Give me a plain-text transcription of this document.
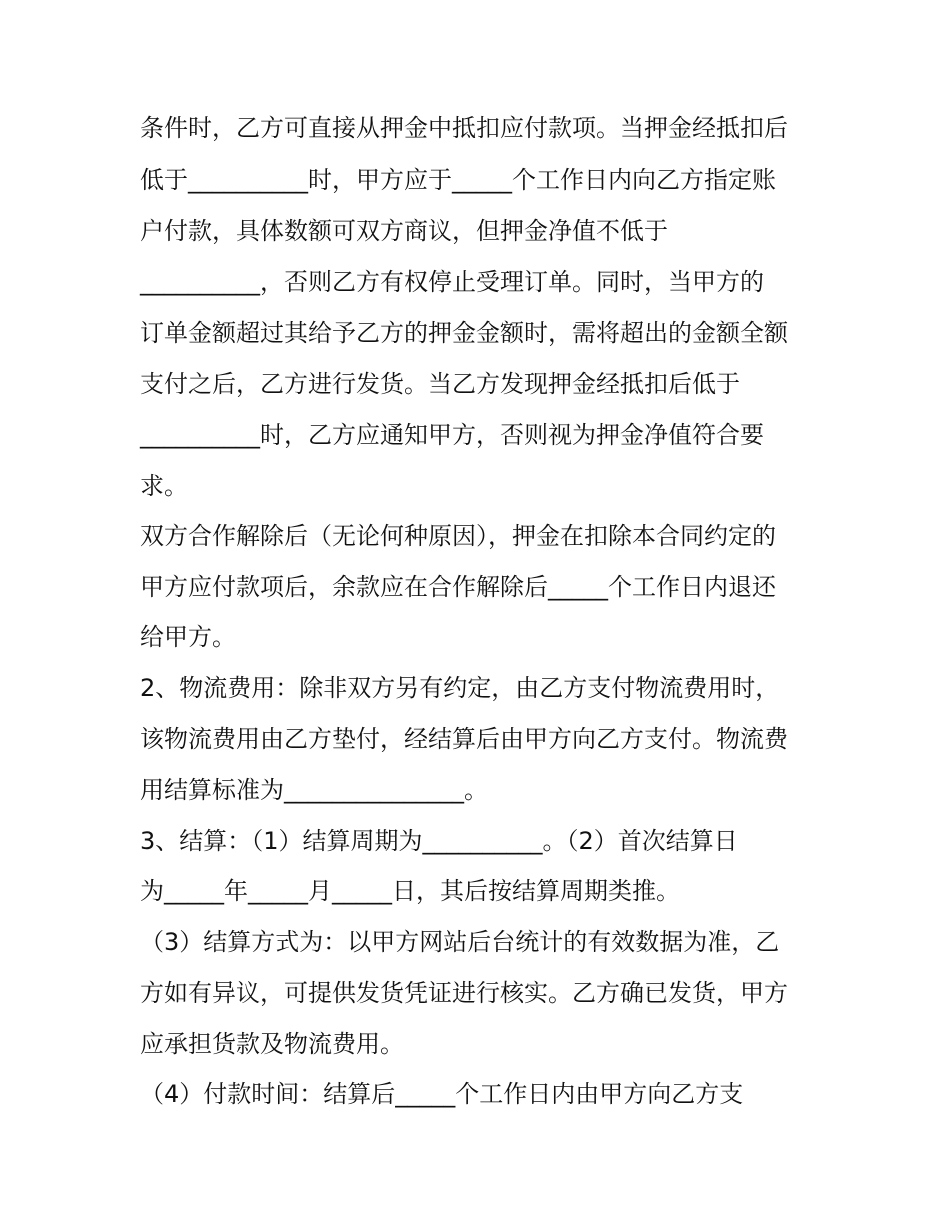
条件时，乙方可直接从押金中抵扣应付款项。当押金经抵扣后
低于__________时，甲方应于_____个工作日内向乙方指定账
户付款，具体数额可双方商议，但押金净值不低于
__________，否则乙方有权停止受理订单。同时，当甲方的
订单金额超过其给予乙方的押金金额时，需将超出的金额全额
支付之后，乙方进行发货。当乙方发现押金经抵扣后低于
__________时，乙方应通知甲方，否则视为押金净值符合要
求。
双方合作解除后（无论何种原因），押金在扣除本合同约定的
甲方应付款项后，余款应在合作解除后_____个工作日内退还
给甲方。
2、物流费用：除非双方另有约定，由乙方支付物流费用时，
该物流费用由乙方垫付，经结算后由甲方向乙方支付。物流费
用结算标准为_______________。
3、结算：（1）结算周期为__________。（2）首次结算日
为_____年_____月_____日，其后按结算周期类推。
（3）结算方式为：以甲方网站后台统计的有效数据为准，乙
方如有异议，可提供发货凭证进行核实。乙方确已发货，甲方
应承担货款及物流费用。
（4）付款时间：结算后_____个工作日内由甲方向乙方支
